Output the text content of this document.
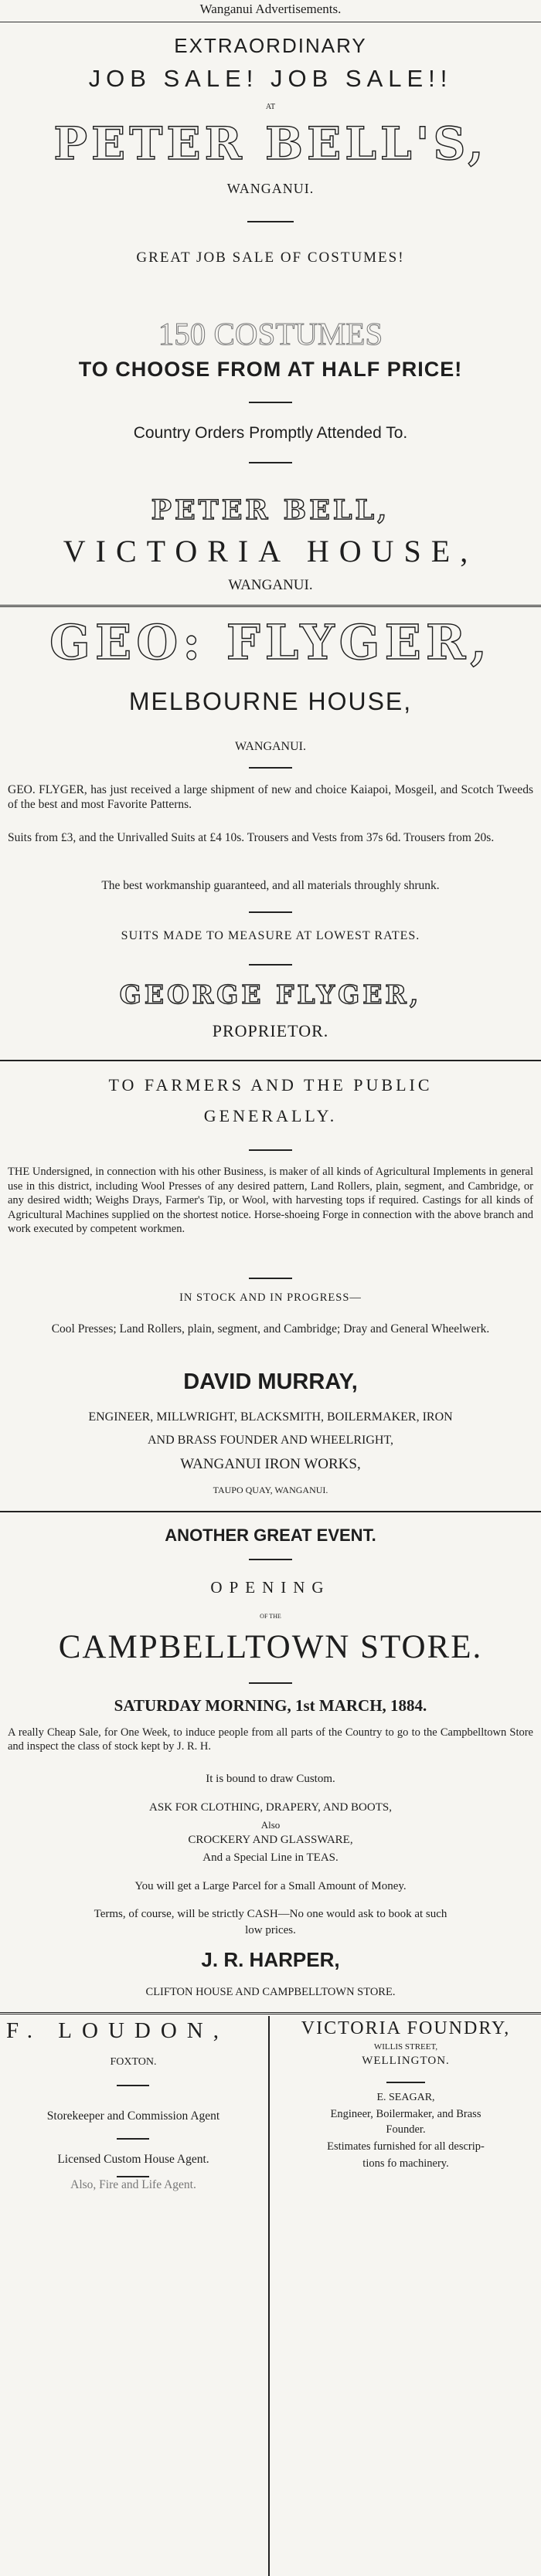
Wanganui Advertisements.
EXTRAORDINARY
JOB SALE! JOB SALE!!
AT
PETER BELL'S,
WANGANUI.
GREAT JOB SALE OF COSTUMES!
150 COSTUMES
TO CHOOSE FROM AT HALF PRICE!
Country Orders Promptly Attended To.
PETER BELL,
VICTORIA HOUSE,
WANGANUI.
GEO: FLYGER,
MELBOURNE HOUSE,
WANGANUI.
GEO. FLYGER, has just received a large shipment of new and choice Kaiapoi, Mosgeil, and Scotch Tweeds of the best and most Favorite Patterns.
Suits from £3, and the Unrivalled Suits at £4 10s. Trousers and Vests from 37s 6d. Trousers from 20s.
The best workmanship guaranteed, and all materials throughly shrunk.
SUITS MADE TO MEASURE AT LOWEST RATES.
GEORGE FLYGER,
PROPRIETOR.
TO FARMERS AND THE PUBLIC
GENERALLY.
THE Undersigned, in connection with his other Business, is maker of all kinds of Agricultural Implements in general use in this district, including Wool Presses of any desired pattern, Land Rollers, plain, segment, and Cambridge, or any desired width; Weighs Drays, Farmer's Tip, or Wool, with harvesting tops if required. Castings for all kinds of Agricultural Machines supplied on the shortest notice. Horse-shoeing Forge in connection with the above branch and work executed by competent workmen.
IN STOCK AND IN PROGRESS—
Cool Presses; Land Rollers, plain, segment, and Cambridge; Dray and General Wheelwerk.
DAVID MURRAY,
ENGINEER, MILLWRIGHT, BLACKSMITH, BOILERMAKER, IRON
AND BRASS FOUNDER AND WHEELRIGHT,
WANGANUI IRON WORKS,
TAUPO QUAY, WANGANUI.
ANOTHER GREAT EVENT.
OPENING
OF THE
CAMPBELLTOWN STORE.
SATURDAY MORNING, 1st MARCH, 1884.
A really Cheap Sale, for One Week, to induce people from all parts of the Country to go to the Campbelltown Store and inspect the class of stock kept by J. R. H.
It is bound to draw Custom.
ASK FOR CLOTHING, DRAPERY, AND BOOTS,
Also
CROCKERY AND GLASSWARE,
And a Special Line in TEAS.
You will get a Large Parcel for a Small Amount of Money.
Terms, of course, will be strictly CASH—No one would ask to book at such
low prices.
J. R. HARPER,
CLIFTON HOUSE AND CAMPBELLTOWN STORE.
F. LOUDON,
FOXTON.
Storekeeper and Commission Agent
Licensed Custom House Agent.
Also, Fire and Life Agent.
VICTORIA FOUNDRY,
WILLIS STREET,
WELLINGTON.
E. SEAGAR,
Engineer, Boilermaker, and Brass
Founder.
Estimates furnished for all descrip-
tions fo machinery.
